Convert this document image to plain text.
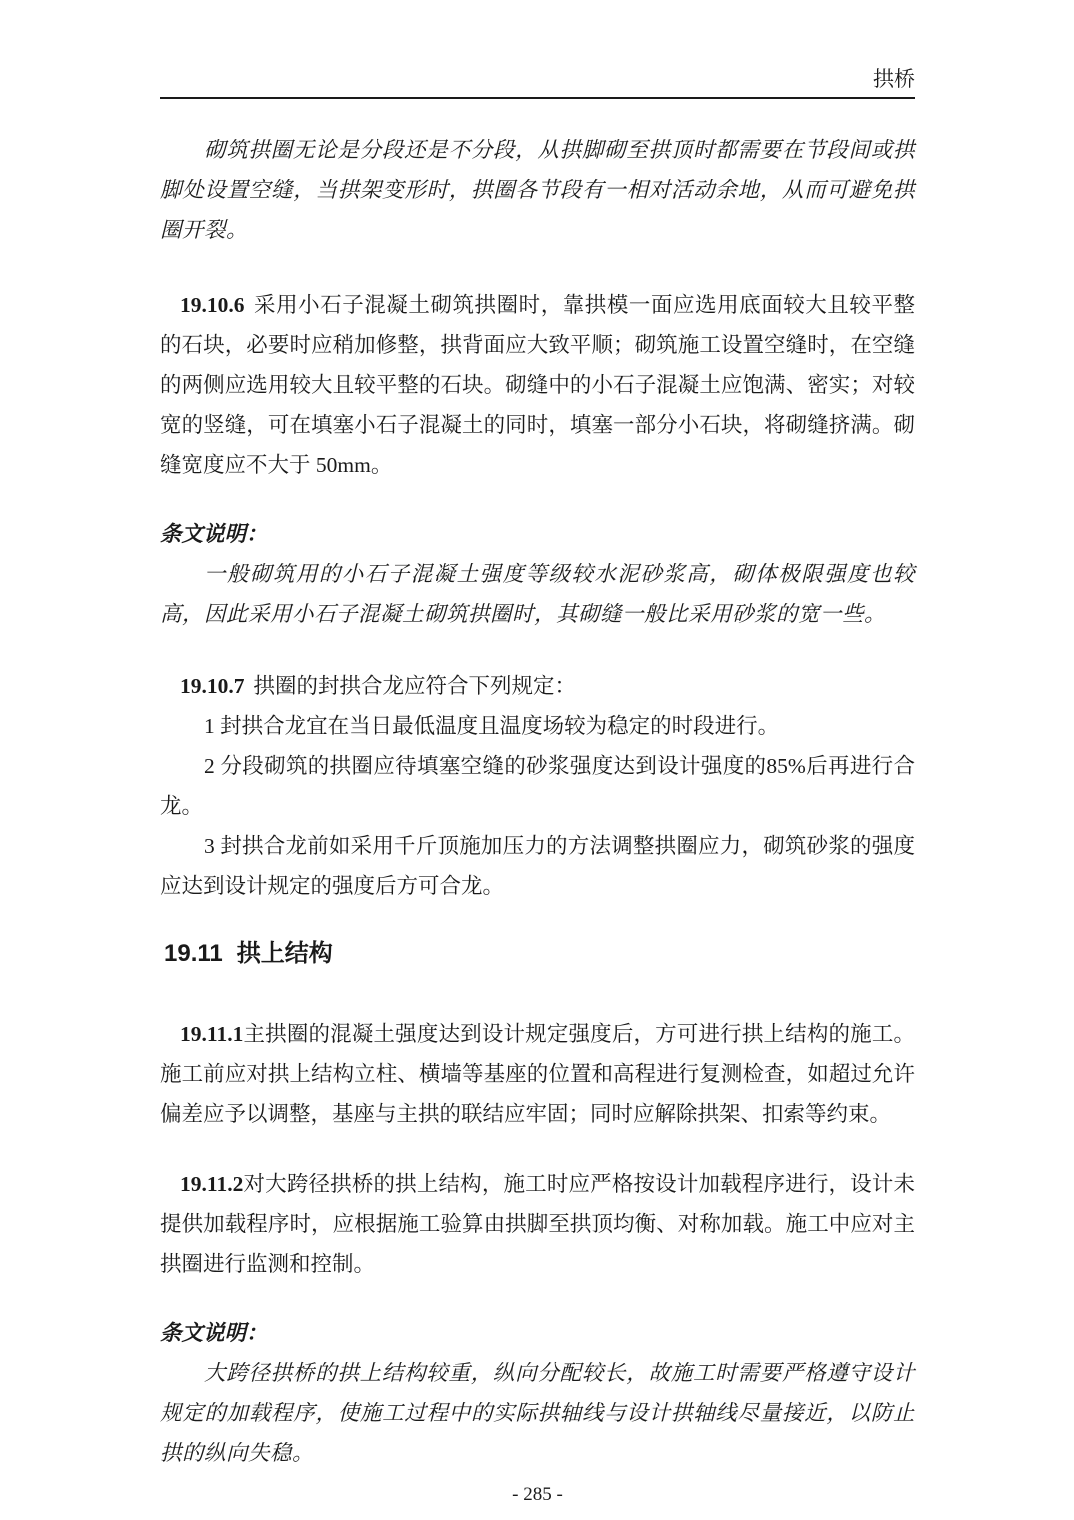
拱桥

砌筑拱圈无论是分段还是不分段，从拱脚砌至拱顶时都需要在节段间或拱脚处设置空缝，当拱架变形时，拱圈各节段有一相对活动余地，从而可避免拱圈开裂。

19.10.6 采用小石子混凝土砌筑拱圈时，靠拱模一面应选用底面较大且较平整的石块，必要时应稍加修整，拱背面应大致平顺；砌筑施工设置空缝时，在空缝的两侧应选用较大且较平整的石块。砌缝中的小石子混凝土应饱满、密实；对较宽的竖缝，可在填塞小石子混凝土的同时，填塞一部分小石块，将砌缝挤满。砌缝宽度应不大于 50mm。

条文说明：

一般砌筑用的小石子混凝土强度等级较水泥砂浆高，砌体极限强度也较高，因此采用小石子混凝土砌筑拱圈时，其砌缝一般比采用砂浆的宽一些。

19.10.7 拱圈的封拱合龙应符合下列规定：

1 封拱合龙宜在当日最低温度且温度场较为稳定的时段进行。

2 分段砌筑的拱圈应待填塞空缝的砂浆强度达到设计强度的85%后再进行合龙。

3 封拱合龙前如采用千斤顶施加压力的方法调整拱圈应力，砌筑砂浆的强度应达到设计规定的强度后方可合龙。

19.11 拱上结构

19.11.1主拱圈的混凝土强度达到设计规定强度后，方可进行拱上结构的施工。施工前应对拱上结构立柱、横墙等基座的位置和高程进行复测检查，如超过允许偏差应予以调整，基座与主拱的联结应牢固；同时应解除拱架、扣索等约束。

19.11.2对大跨径拱桥的拱上结构，施工时应严格按设计加载程序进行，设计未提供加载程序时，应根据施工验算由拱脚至拱顶均衡、对称加载。施工中应对主拱圈进行监测和控制。

条文说明：

大跨径拱桥的拱上结构较重，纵向分配较长，故施工时需要严格遵守设计规定的加载程序，使施工过程中的实际拱轴线与设计拱轴线尽量接近，以防止拱的纵向失稳。

- 285 -
